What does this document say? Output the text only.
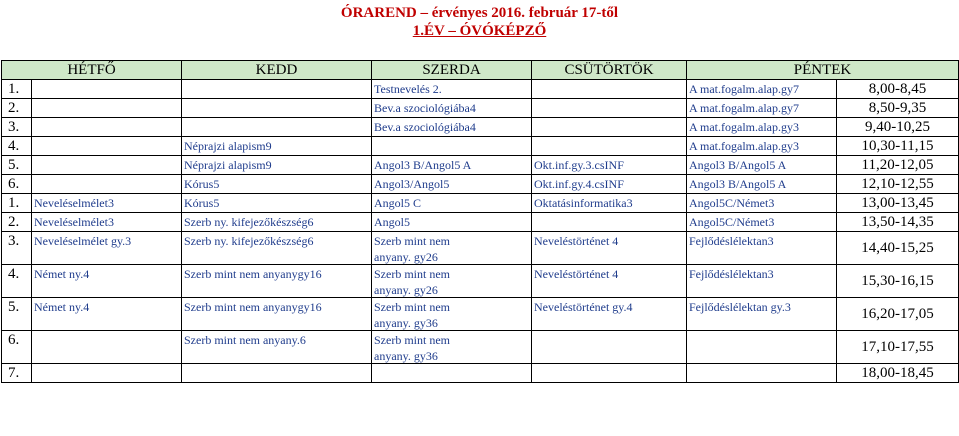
ÓRAREND – érvényes 2016. február 17-től
1.ÉV – ÓVÓKÉPZŐ
HÉTFŐ		KEDD	SZERDA	CSÜTÖRTÖK	PÉNTEK	
1.			Testnevelés 2.		A mat.fogalm.alap.gy7	8,00-8,45
2.			Bev.a szociológiába4		A mat.fogalm.alap.gy7	8,50-9,35
3.			Bev.a szociológiába4		A mat.fogalm.alap.gy3	9,40-10,25
4.		Néprajzi alapism9			A mat.fogalm.alap.gy3	10,30-11,15
5.		Néprajzi alapism9	Angol3 B/Angol5 A	Okt.inf.gy.3.csINF	Angol3 B/Angol5 A	11,20-12,05
6.		Kórus5	Angol3/Angol5	Okt.inf.gy.4.csINF	Angol3 B/Angol5 A	12,10-12,55
1.	Neveléselmélet3	Kórus5	Angol5 C	Oktatásinformatika3	Angol5C/Német3	13,00-13,45
2.	Neveléselmélet3	Szerb ny. kifejezőkészség6	Angol5		Angol5C/Német3	13,50-14,35
3.	Neveléselmélet gy.3	Szerb ny. kifejezőkészség6	Szerb mint nem
anyany. gy26	Neveléstörténet 4	Fejlődéslélektan3	14,40-15,25
4.	Német ny.4	Szerb mint nem anyanygy16	Szerb mint nem
anyany. gy26	Neveléstörténet 4	Fejlődéslélektan3	15,30-16,15
5.	Német ny.4	Szerb mint nem anyanygy16	Szerb mint nem
anyany. gy36	Neveléstörténet gy.4	Fejlődéslélektan gy.3	16,20-17,05
6.		Szerb mint nem anyany.6	Szerb mint nem
anyany. gy36			17,10-17,55
7.						18,00-18,45
